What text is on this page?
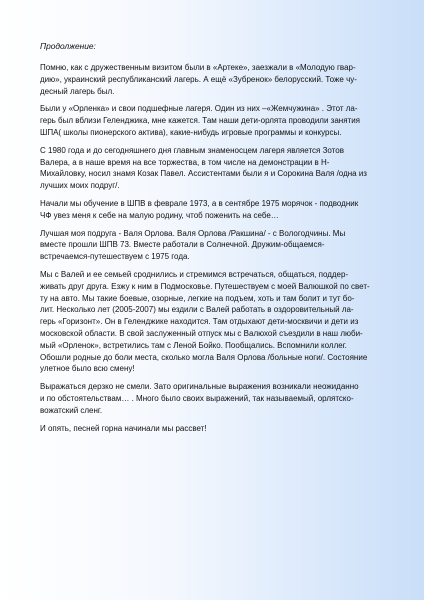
Продолжение:

Помню, как с дружественным визитом были в «Артеке», заезжали в «Молодую гвар-
дию», украинский республиканский лагерь. А ещё «Зубренок» белорусский. Тоже чу-
десный лагерь был.

Были у «Орленка» и свои подшефные лагеря. Один из них –«Жемчужина» . Этот ла-
герь был вблизи Геленджика, мне кажется. Там наши дети-орлята проводили занятия
ШПА( школы пионерского актива), какие-нибудь игровые программы и конкурсы.

С 1980 года и до сегодняшнего дня главным знаменосцем лагеря является Зотов
Валера, а в наше время на все торжества, в том числе на демонстрации в Н-
Михайловку, носил знамя Козак Павел. Ассистентами были я и Сорокина Валя /одна из
лучших моих подруг/.

Начали мы обучение в ШПВ в феврале 1973, а в сентябре 1975 морячок - подводник
ЧФ увез меня к себе на малую родину, чтоб поженить на себе…

Лучшая моя подруга - Валя Орлова. Валя Орлова /Ракшина/ - с Вологодчины. Мы
вместе прошли ШПВ 73. Вместе работали в Солнечной. Дружим-общаемся-
встречаемся-путешествуем с 1975 года.

Мы с Валей и ее семьей сроднились и стремимся встречаться, общаться, поддер-
живать друг друга. Езжу к ним в Подмосковье. Путешествуем с моей Валюшкой по свет-
ту на авто. Мы такие боевые, озорные, легкие на подъем, хоть и там болит и тут бо-
лит. Несколько лет (2005-2007) мы ездили с Валей работать в оздоровительный ла-
герь «Горизонт». Он в Геленджике находится. Там отдыхают дети-москвичи и дети из
московской области. В свой заслуженный отпуск мы с Валюхой съездили в наш люби-
мый «Орленок», встретились там с Леной Бойко. Пообщались. Вспомнили коллег.
Обошли родные до боли места, сколько могла Валя Орлова /больные ноги/. Состояние
улетное было всю смену!

Выражаться дерзко не смели. Зато оригинальные выражения возникали неожиданно
и по обстоятельствам… . Много было своих выражений, так называемый, орлятско-
вожатский сленг.

И опять, песней горна начинали мы рассвет!
